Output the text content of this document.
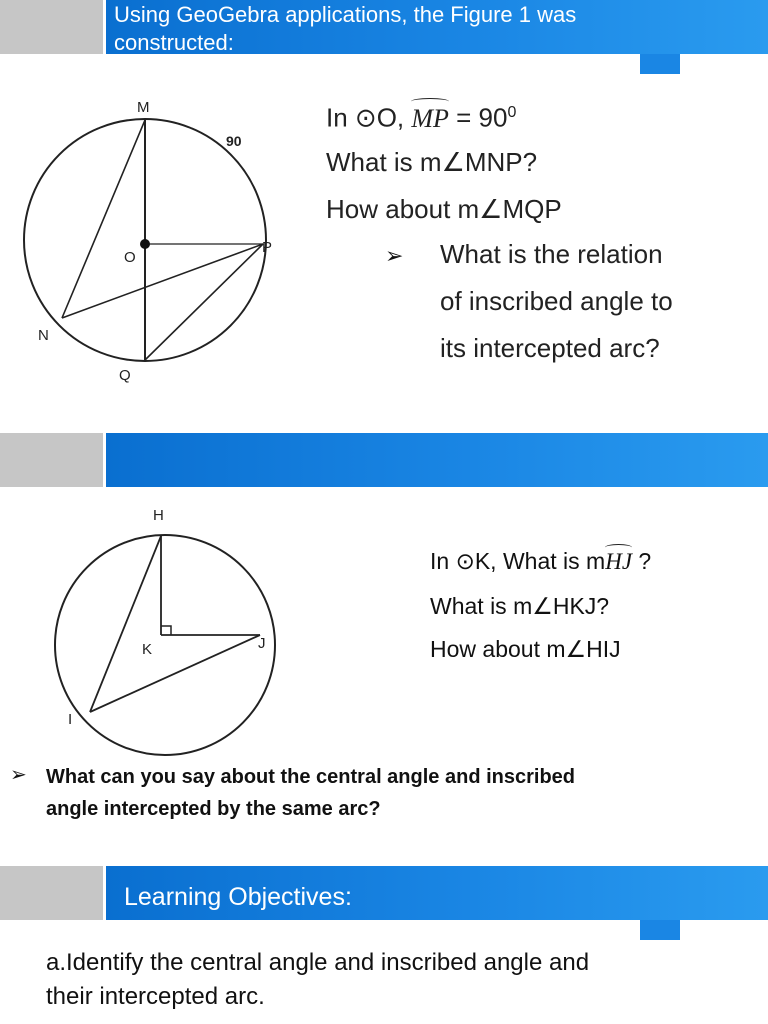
Using GeoGebra applications, the Figure 1 was constructed:
M
90
O
P
N
Q
In ⊙O, MP = $90^0$
What is m∠MNP?
How about m∠MQP
➢ What is the relation
of inscribed angle to
its intercepted arc?
H
K	J
I
In ⊙K, What is mHJ ?
What is m∠HKJ?
How about m∠HIJ
➢ What can you say about the central angle and inscribed
angle intercepted by the same arc?
Learning Objectives:
a.Identify the central angle and inscribed angle and
their intercepted arc.
